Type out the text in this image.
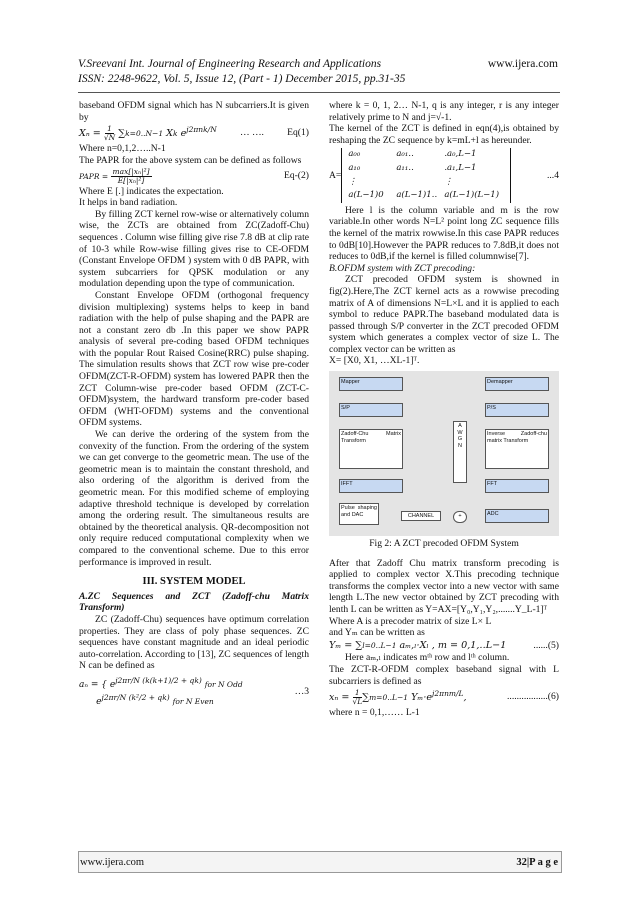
V.Sreevani Int. Journal of Engineering Research and Applications	www.ijera.com
ISSN: 2248-9622, Vol. 5, Issue 12, (Part - 1) December 2015, pp.31-35

baseband OFDM signal which has N subcarriers.It is given by

$X_n = \frac{1}{√N} \sum k=0..N-1$ Xk $e^{j2\pi nk/N}$ … …. Eq(1)

Where n=0,1,2…..N-1

The PAPR for the above system can be defined as follows

PAPR = $\frac{\text{max[|xₙ|²]}}{\text{E[|xₙ|²]}}$	Eq-(2)

Where E [.] indicates the expectation.

It helps in band radiation.

By filling ZCT kernel row-wise or alternatively column wise, the ZCTs are obtained from ZC(Zadoff-Chu) sequences . Column wise filling give rise 7.8 dB at clip rate of 10-3 while Row-wise filling gives rise to CE-OFDM (Constant Envelope OFDM ) system with 0 dB PAPR, with system subcarriers for QPSK modulation or any modulation depending upon the type of communication.

Constant Envelope OFDM (orthogonal frequency division multiplexing) systems helps to keep in band radiation with the help of pulse shaping and the PAPR are not a constant zero db .In this paper we show PAPR analysis of several pre-coding based OFDM techniques with the popular Rout Raised Cosine(RRC) pulse shaping. The simulation results shows that ZCT row wise pre-coder OFDM(ZCT-R-OFDM) system has lowered PAPR then the ZCT Column-wise pre-coder based OFDM (ZCT-C-OFDM)system, the hardward transform pre-coder based OFDM (WHT-OFDM) systems and the conventional OFDM systems.

We can derive the ordering of the system from the convexity of the function. From the ordering of the system we can get converge to the geometric mean. The use of the geometric mean is to maintain the constant threshold, and also ordering of the algorithm is derived from the geometric mean. For this modified scheme of employing adaptive threshold technique is developed by correlation among the ordering result. The simultaneous results are obtained by the theoretical analysis. QR-decomposition not only require reduced computational complexity when we compared to the conventional scheme. Due to this error performance is improved in result.

III. SYSTEM MODEL

A.ZC Sequences and ZCT (Zadoff-chu Matrix Transform)

ZC (Zadoff-Chu) sequences have optimum correlation properties. They are class of poly phase sequences. ZC sequences have constant magnitude and an ideal periodic auto-correlation. According to [13], ZC sequences of length N can be defined as

aₙ = { $e^{j2\pi r/N (k(k+1)/2 + qk)}$ for N Odd
$e^{j2\pi r/N (k^2/2 + qk)}$ for N Even
…3

where k = 0, 1, 2… N-1, q is any integer, r is any integer relatively prime to N and j=√-1.

The kernel of the ZCT is defined in eqn(4),is obtained by reshaping the ZC sequence by k=mL+l as hereunder.

A=
a₀₀	a₀₁‥	.a₀,L−1
a₁₀	a₁₁‥	.a₁,L−1
⋮	⋮
a(L−1)0	a(L−1)1‥ a(L−1)(L−1)
...4

Here l is the column variable and m is the row variable.In other words N=L² point long ZC sequence fills the kernel of the matrix rowwise.In this case PAPR reduces to 0dB[10].However the PAPR reduces to 7.8dB,it does not reduces to 0dB,if the kernel is filled columnwise[7].

B.OFDM system with ZCT precoding:

ZCT precoded OFDM system is showned in fig(2).Here,The ZCT kernel acts as a rowwise precoding matrix of A of dimensions N=L×L and it is applied to each symbol to reduce PAPR.The baseband modulated data is passed through S/P converter in the ZCT precoded OFDM system which generates a complex vector of size L. The complex vector can be written as

X= [X0, X1, …XL-1]ᵀ.

Mapper
S/P
Zadoff-Chu Matrix Transform
IFFT
Pulse shaping and DAC	CHANNEL
A
W
G
N
+
Demapper
P/S
Inverse Zadoff-chu matrix Transform
FFT
ADC
Fig 2: A ZCT precoded OFDM System

After that Zadoff Chu matrix transform precoding is applied to complex vector X.This precoding technique transforms the complex vector into a new vector with same length L.The new vector obtained by ZCT precoding with lenth L can be written as Y=AX=[Y₀,Y₁,Y₂,.......Y_L-1]ᵀ

Where A is a precoder matrix of size L× L

and Yₘ can be written as

Yₘ = ∑l=0..L−1 aₘ,ₗ·Xₗ , m = 0,1,‥L−1	......(5)

Here aₘ,ₗ indicates mᵗʰ row and lᵗʰ column.

The ZCT-R-OFDM complex baseband signal with L subcarriers is defined as

$x_n = \frac{1}{√L} \sum m=0..L-1$ $Y_m\cdot e^{j2\pi nm/L}$,	.................(6)

where n = 0,1,…… L-1

www.ijera.com	32|P a g e
